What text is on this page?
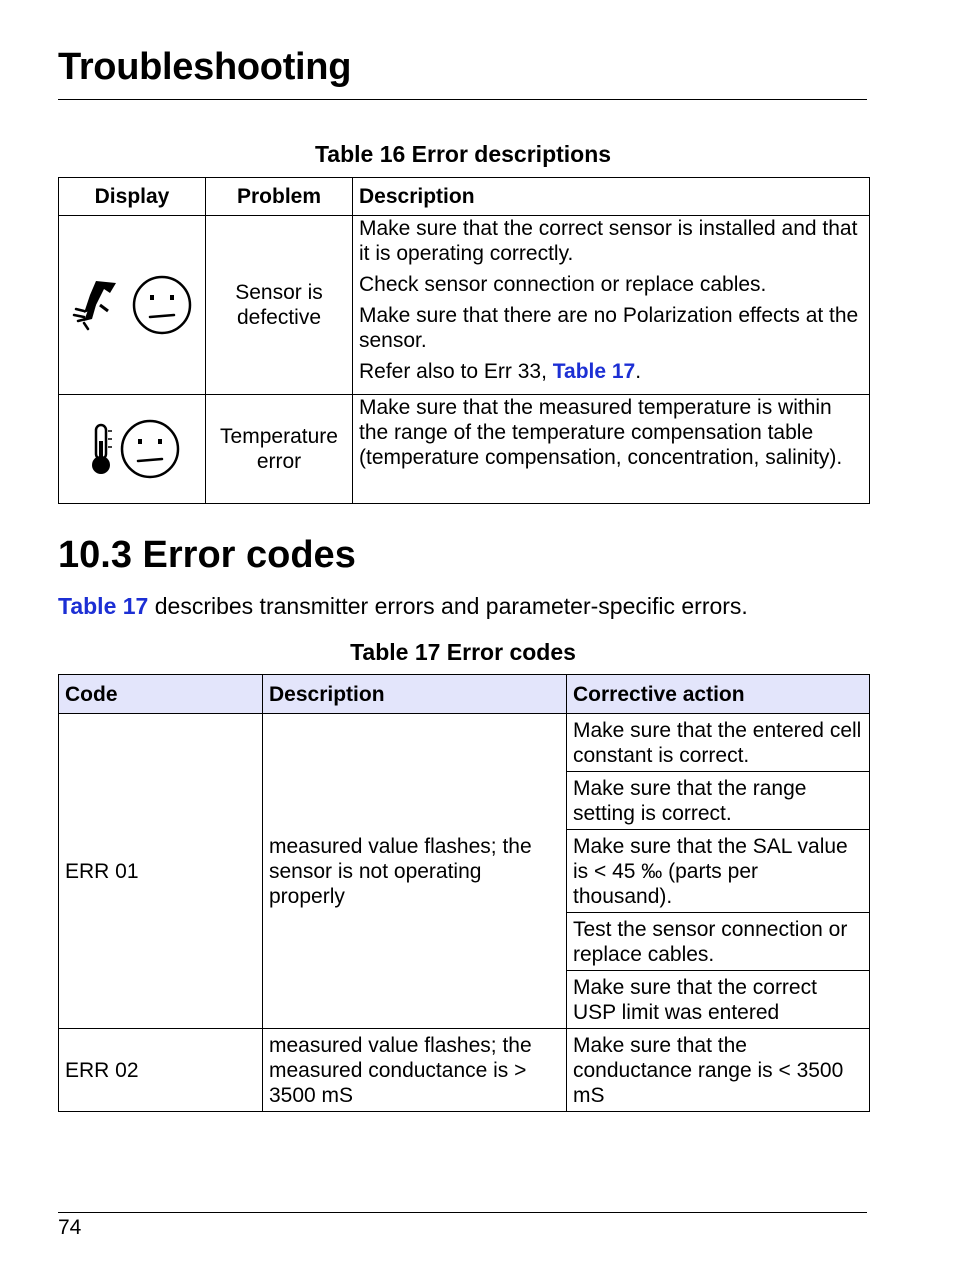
Troubleshooting
Table 16 Error descriptions
Display	Problem	Description

	Sensor is defective	Make sure that the correct sensor is installed and that it is operating correctly.

Check sensor connection or replace cables.

Make sure that there are no Polarization effects at the sensor.

Refer also to Err 33, Table 17.

	Temperature error	Make sure that the measured temperature is within the range of the temperature compensation table (temperature compensation, concentration, salinity).

10.3 Error codes

Table 17 describes transmitter errors and parameter-specific errors.

Table 17 Error codes
Code	Description	Corrective action
ERR 01	measured value flashes; the sensor is not operating properly	Make sure that the entered cell constant is correct.
		Make sure that the range setting is correct.
		Make sure that the SAL value is < 45 ‰ (parts per thousand).
		Test the sensor connection or replace cables.
		Make sure that the correct USP limit was entered
ERR 02	measured value flashes; the measured conductance is > 3500 mS	Make sure that the conductance range is < 3500 mS
74
